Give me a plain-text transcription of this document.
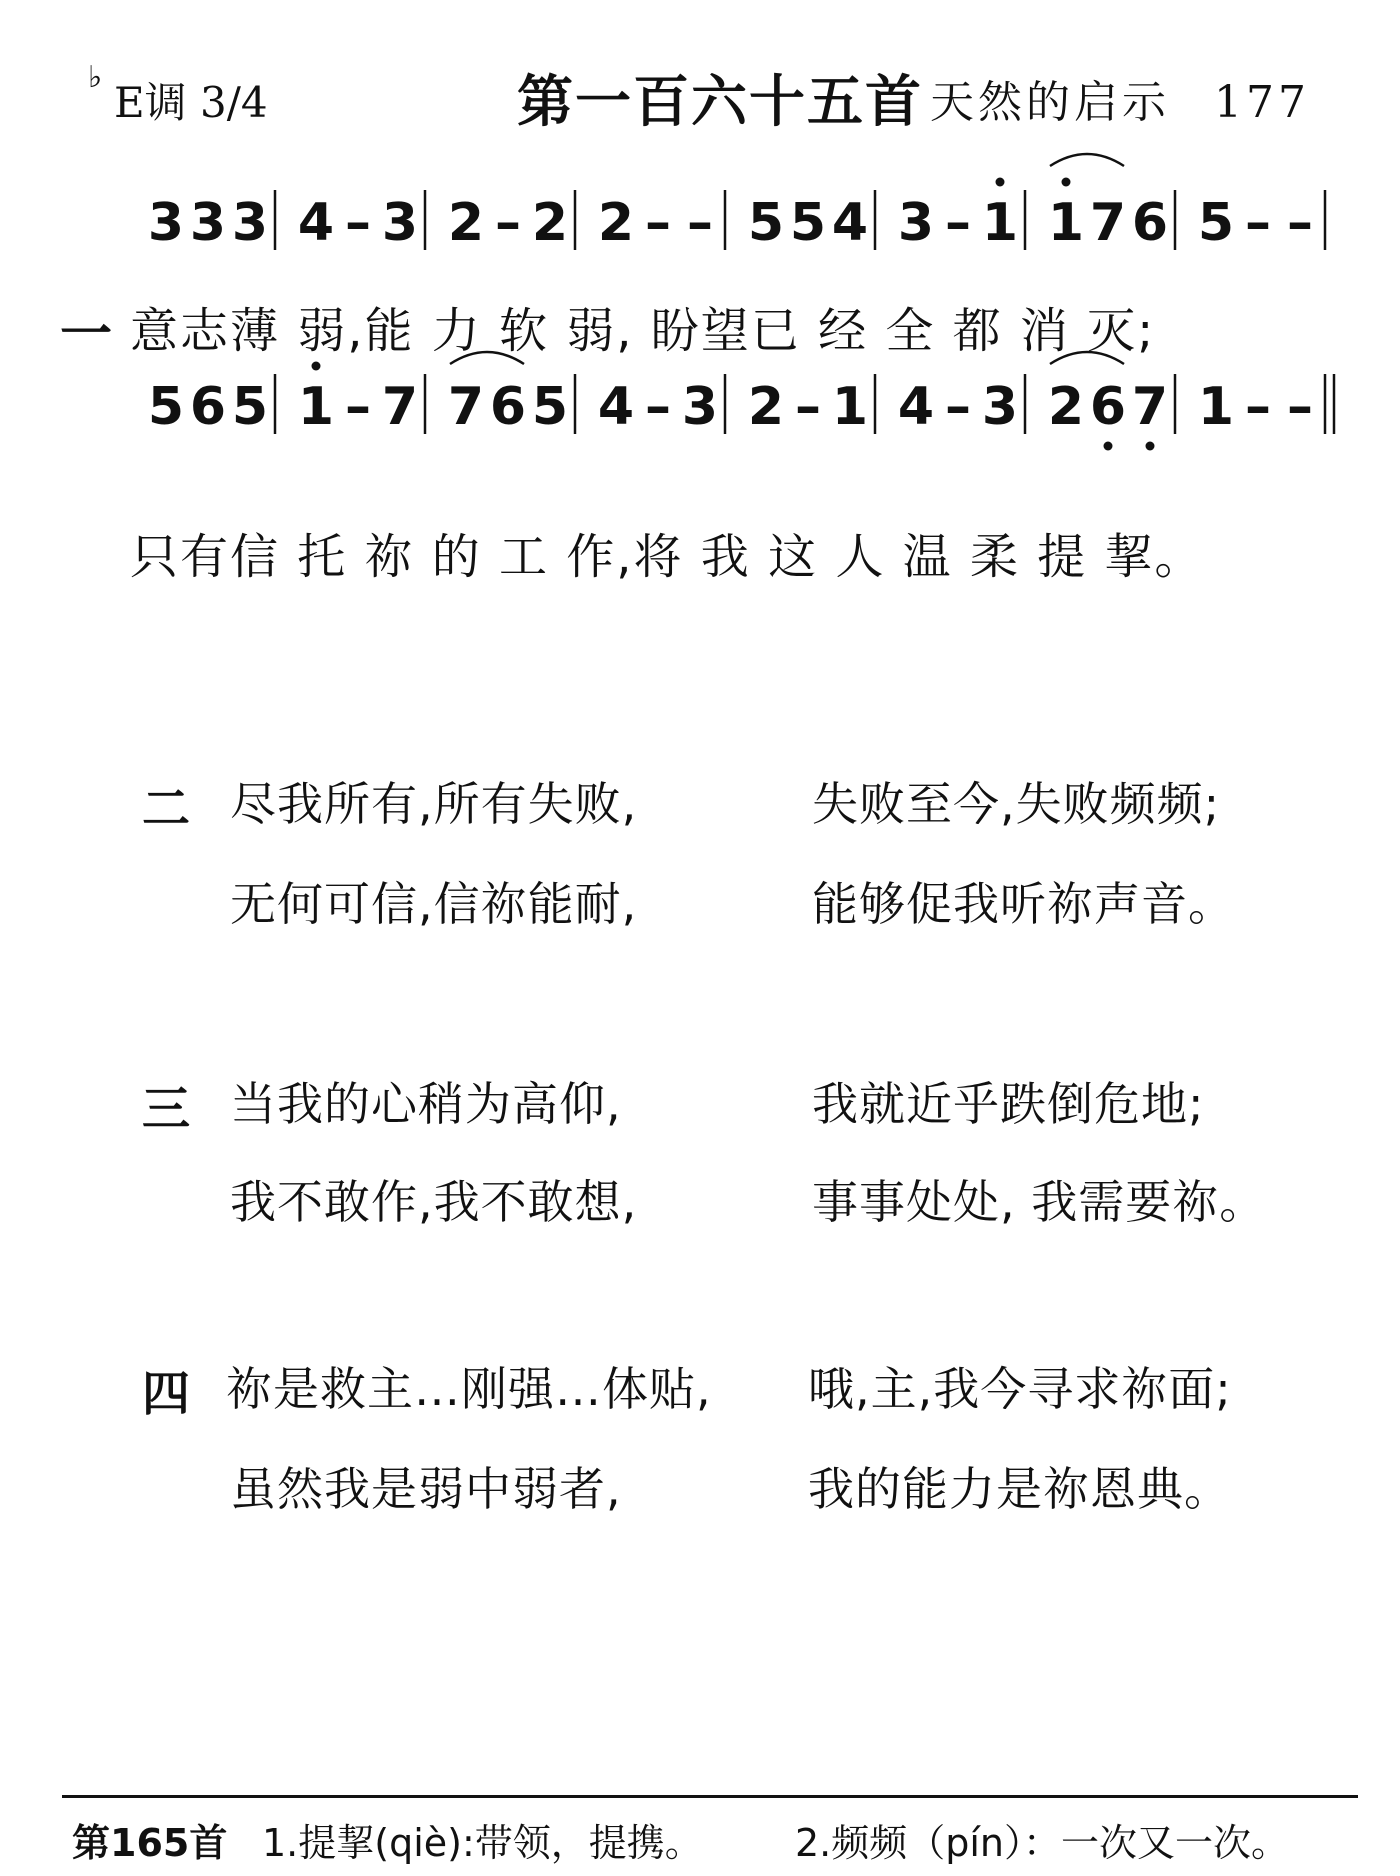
♭
E调 3/4	第一百六十五首 天然的启示 177
3 3 3 4 – 3 2 – 2 2 – – 5 5 4 3 – 1 1 7 6 5 – –
一 意志薄 弱,能 力 软 弱, 盼望已 经 全 都 消 灭;
5 6 5 1 – 7 7 6 5 4 – 3 2 – 1 4 – 3 2 6 7 1 – –
只有信 托 祢 的 工 作,将 我 这 人 温 柔 提 挈。
二 尽我所有,所有失败,	失败至今,失败频频;
无何可信,信祢能耐,	能够促我听祢声音。
三 当我的心稍为高仰,	我就近乎跌倒危地;
我不敢作,我不敢想,	事事处处, 我需要祢。
四 祢是救主…刚强…体贴, 哦,主,我今寻求祢面;
虽然我是弱中弱者,	我的能力是祢恩典。
第165首 1.提挈(qiè):带领，提携。 2.频频（pín）：一次又一次。
